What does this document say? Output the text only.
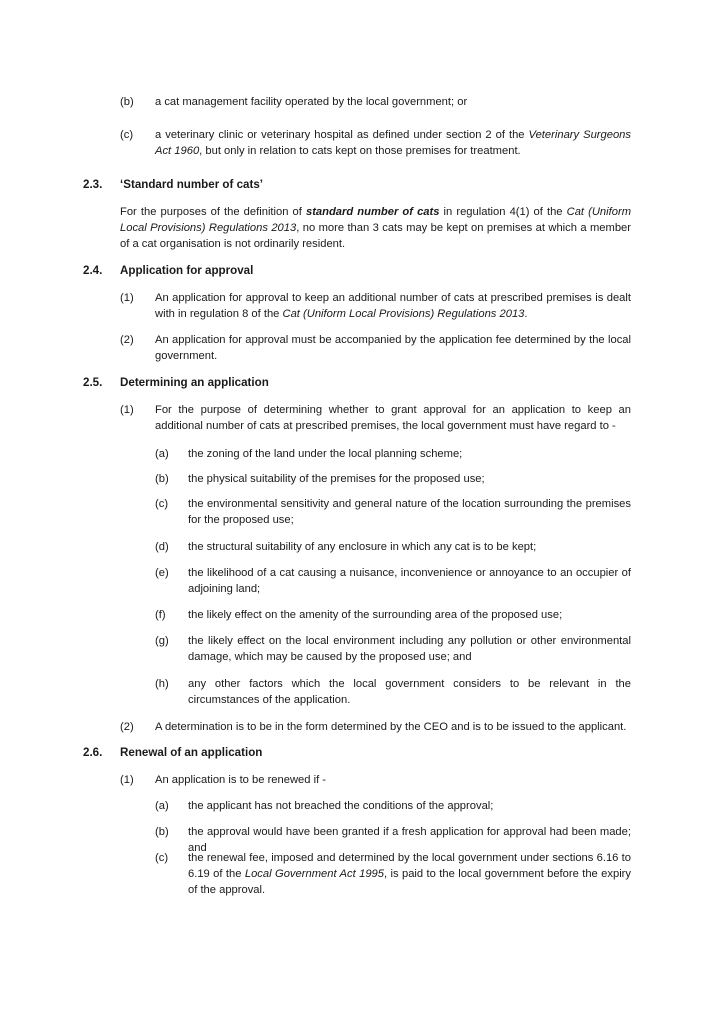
(b) a cat management facility operated by the local government; or
(c) a veterinary clinic or veterinary hospital as defined under section 2 of the Veterinary Surgeons Act 1960, but only in relation to cats kept on those premises for treatment.
2.3. ‘Standard number of cats’
For the purposes of the definition of standard number of cats in regulation 4(1) of the Cat (Uniform Local Provisions) Regulations 2013, no more than 3 cats may be kept on premises at which a member of a cat organisation is not ordinarily resident.
2.4. Application for approval
(1) An application for approval to keep an additional number of cats at prescribed premises is dealt with in regulation 8 of the Cat (Uniform Local Provisions) Regulations 2013.
(2) An application for approval must be accompanied by the application fee determined by the local government.
2.5. Determining an application
(1) For the purpose of determining whether to grant approval for an application to keep an additional number of cats at prescribed premises, the local government must have regard to -
(a) the zoning of the land under the local planning scheme;
(b) the physical suitability of the premises for the proposed use;
(c) the environmental sensitivity and general nature of the location surrounding the premises for the proposed use;
(d) the structural suitability of any enclosure in which any cat is to be kept;
(e) the likelihood of a cat causing a nuisance, inconvenience or annoyance to an occupier of adjoining land;
(f) the likely effect on the amenity of the surrounding area of the proposed use;
(g) the likely effect on the local environment including any pollution or other environmental damage, which may be caused by the proposed use; and
(h) any other factors which the local government considers to be relevant in the circumstances of the application.
(2) A determination is to be in the form determined by the CEO and is to be issued to the applicant.
2.6. Renewal of an application
(1) An application is to be renewed if -
(a) the applicant has not breached the conditions of the approval;
(b) the approval would have been granted if a fresh application for approval had been made; and
(c) the renewal fee, imposed and determined by the local government under sections 6.16 to 6.19 of the Local Government Act 1995, is paid to the local government before the expiry of the approval.
